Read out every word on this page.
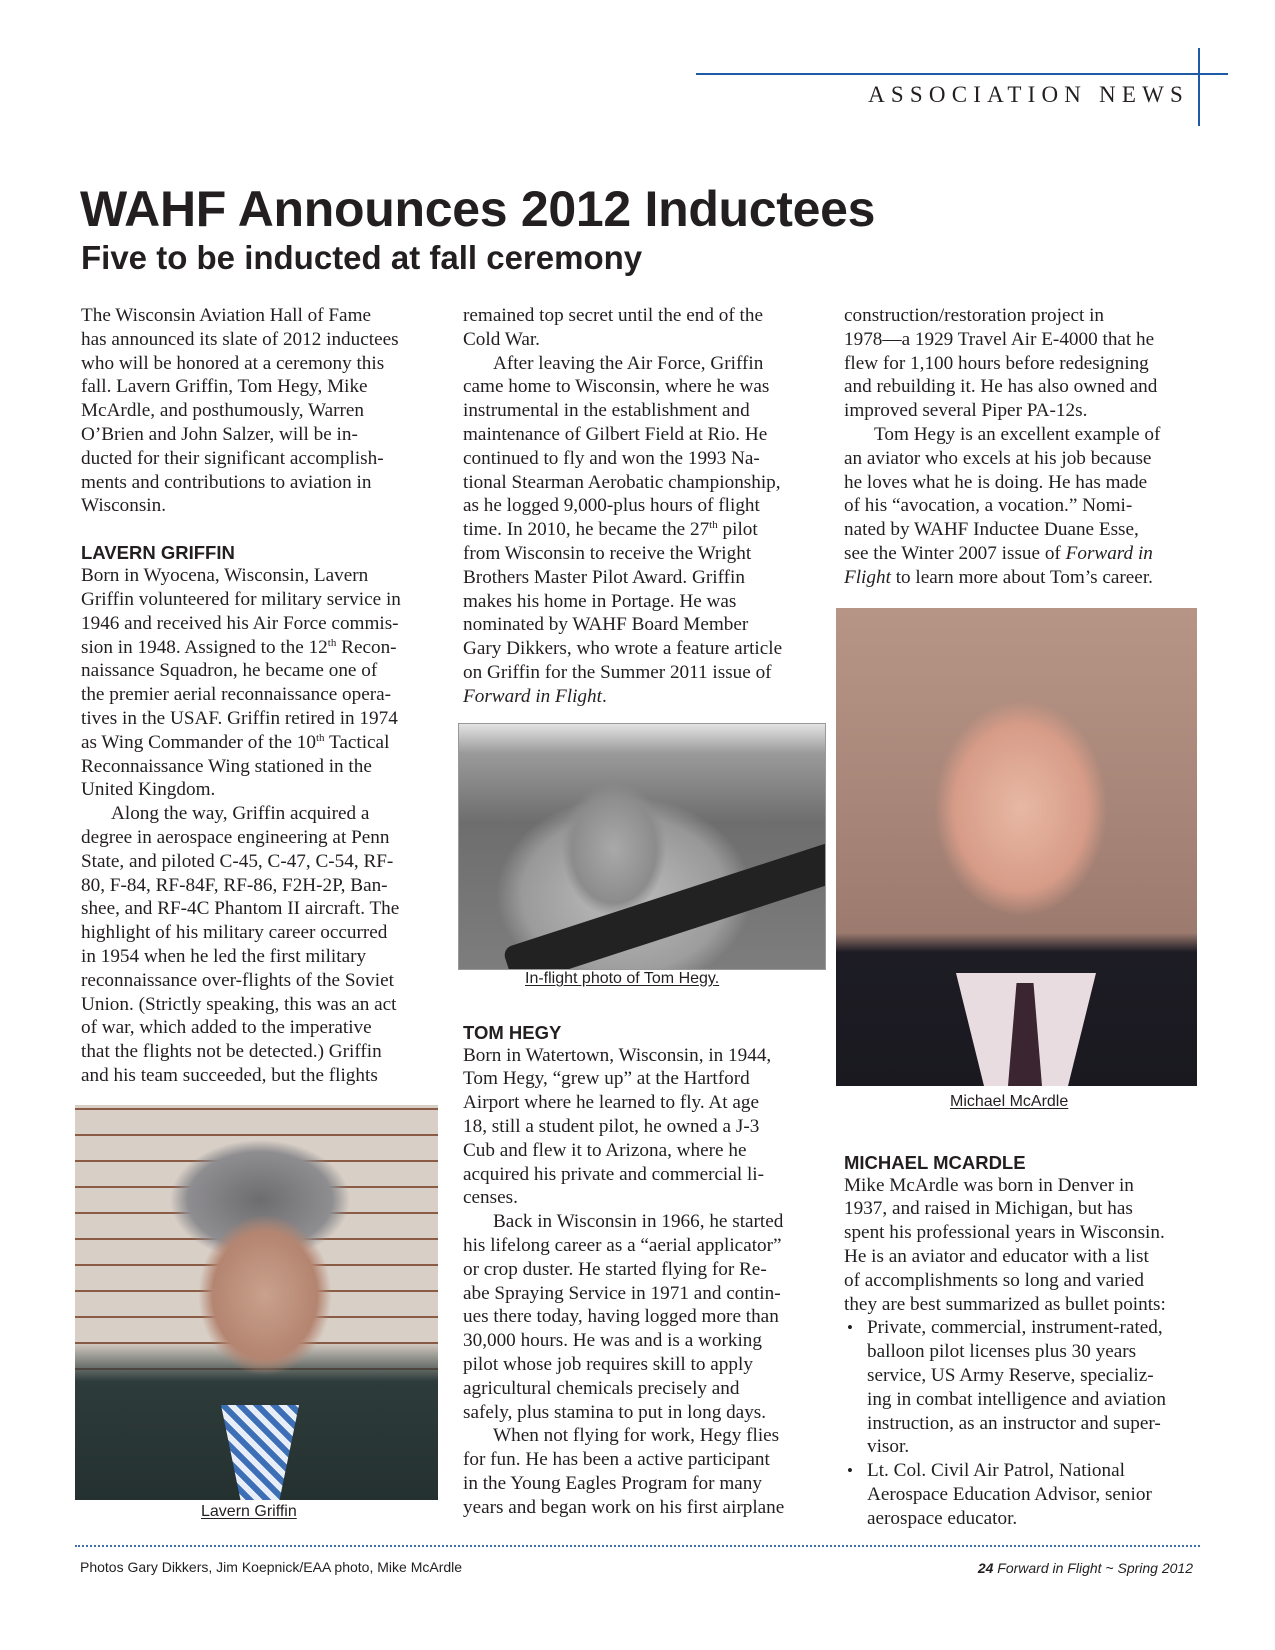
ASSOCIATION NEWS
WAHF Announces 2012 Inductees
Five to be inducted at fall ceremony

The Wisconsin Aviation Hall of Fame
has announced its slate of 2012 inductees
who will be honored at a ceremony this
fall. Lavern Griffin, Tom Hegy, Mike
McArdle, and posthumously, Warren
O’Brien and John Salzer, will be in-
ducted for their significant accomplish-
ments and contributions to aviation in
Wisconsin.

LAVERN GRIFFIN

Born in Wyocena, Wisconsin, Lavern
Griffin volunteered for military service in
1946 and received his Air Force commis-
sion in 1948. Assigned to the 12th Recon-
naissance Squadron, he became one of
the premier aerial reconnaissance opera-
tives in the USAF. Griffin retired in 1974
as Wing Commander of the 10th Tactical
Reconnaissance Wing stationed in the
United Kingdom.

Along the way, Griffin acquired a
degree in aerospace engineering at Penn
State, and piloted C-45, C-47, C-54, RF-
80, F-84, RF-84F, RF-86, F2H-2P, Ban-
shee, and RF-4C Phantom II aircraft. The
highlight of his military career occurred
in 1954 when he led the first military
reconnaissance over-flights of the Soviet
Union. (Strictly speaking, this was an act
of war, which added to the imperative
that the flights not be detected.) Griffin
and his team succeeded, but the flights

Lavern Griffin

remained top secret until the end of the
Cold War.

After leaving the Air Force, Griffin
came home to Wisconsin, where he was
instrumental in the establishment and
maintenance of Gilbert Field at Rio. He
continued to fly and won the 1993 Na-
tional Stearman Aerobatic championship,
as he logged 9,000-plus hours of flight
time. In 2010, he became the 27th pilot
from Wisconsin to receive the Wright
Brothers Master Pilot Award. Griffin
makes his home in Portage. He was
nominated by WAHF Board Member
Gary Dikkers, who wrote a feature article
on Griffin for the Summer 2011 issue of
Forward in Flight.

TOM HEGY

Born in Watertown, Wisconsin, in 1944,
Tom Hegy, “grew up” at the Hartford
Airport where he learned to fly. At age
18, still a student pilot, he owned a J-3
Cub and flew it to Arizona, where he
acquired his private and commercial li-
censes.

Back in Wisconsin in 1966, he started
his lifelong career as a “aerial applicator”
or crop duster. He started flying for Re-
abe Spraying Service in 1971 and contin-
ues there today, having logged more than
30,000 hours. He was and is a working
pilot whose job requires skill to apply
agricultural chemicals precisely and
safely, plus stamina to put in long days.

When not flying for work, Hegy flies
for fun. He has been a active participant
in the Young Eagles Program for many
years and began work on his first airplane

In-flight photo of Tom Hegy.

construction/restoration project in
1978—a 1929 Travel Air E-4000 that he
flew for 1,100 hours before redesigning
and rebuilding it. He has also owned and
improved several Piper PA-12s.

Tom Hegy is an excellent example of
an aviator who excels at his job because
he loves what he is doing. He has made
of his “avocation, a vocation.” Nomi-
nated by WAHF Inductee Duane Esse,
see the Winter 2007 issue of Forward in
Flight to learn more about Tom’s career.

MICHAEL MCARDLE

Mike McArdle was born in Denver in
1937, and raised in Michigan, but has
spent his professional years in Wisconsin.
He is an aviator and educator with a list
of accomplishments so long and varied
they are best summarized as bullet points:

• Private, commercial, instrument-rated,
balloon pilot licenses plus 30 years
service, US Army Reserve, specializ-
ing in combat intelligence and aviation
instruction, as an instructor and super-
visor.
• Lt. Col. Civil Air Patrol, National
Aerospace Education Advisor, senior
aerospace educator.
Michael McArdle
Photos Gary Dikkers, Jim Koepnick/EAA photo, Mike McArdle	24 Forward in Flight ~ Spring 2012
